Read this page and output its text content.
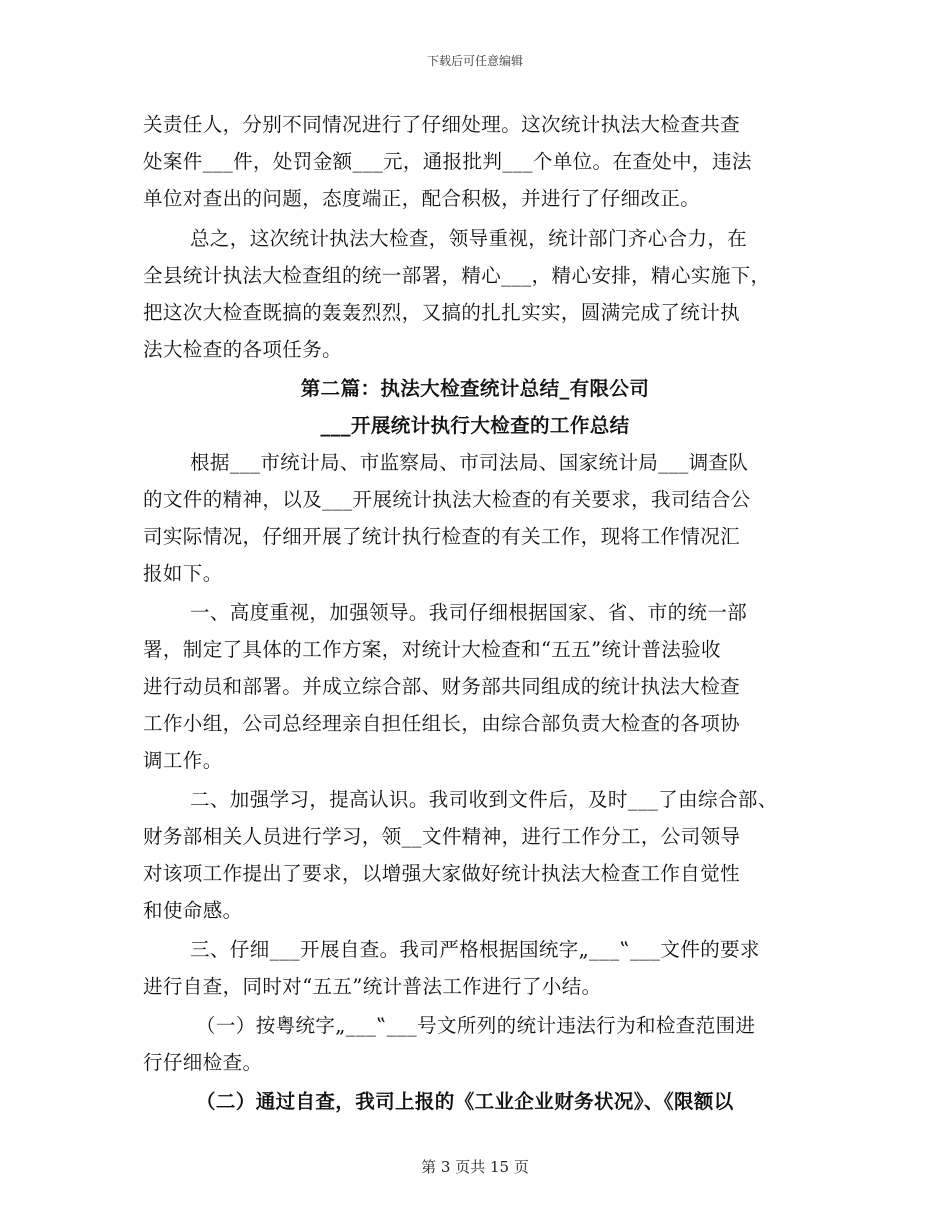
下载后可任意编辑
关责任人，分别不同情况进行了仔细处理。这次统计执法大检查共查
处案件___件，处罚金额___元，通报批判___个单位。在查处中，违法
单位对查出的问题，态度端正，配合积极，并进行了仔细改正。
总之，这次统计执法大检查，领导重视，统计部门齐心合力，在
全县统计执法大检查组的统一部署，精心___，精心安排，精心实施下，
把这次大检查既搞的轰轰烈烈，又搞的扎扎实实，圆满完成了统计执
法大检查的各项任务。
第二篇：执法大检查统计总结_有限公司
___开展统计执行大检查的工作总结
根据___市统计局、市监察局、市司法局、国家统计局___调查队
的文件的精神，以及___开展统计执法大检查的有关要求，我司结合公
司实际情况，仔细开展了统计执行检查的有关工作，现将工作情况汇
报如下。
一、高度重视，加强领导。我司仔细根据国家、省、市的统一部
署，制定了具体的工作方案，对统计大检查和“五五”统计普法验收
进行动员和部署。并成立综合部、财务部共同组成的统计执法大检查
工作小组，公司总经理亲自担任组长，由综合部负责大检查的各项协
调工作。
二、加强学习，提高认识。我司收到文件后，及时___了由综合部、
财务部相关人员进行学习，领__文件精神，进行工作分工，公司领导
对该项工作提出了要求，以增强大家做好统计执法大检查工作自觉性
和使命感。
三、仔细___开展自查。我司严格根据国统字„___‟___文件的要求
进行自查，同时对“五五”统计普法工作进行了小结。
（一）按粤统字„___‟___号文所列的统计违法行为和检查范围进
行仔细检查。
（二）通过自查，我司上报的《工业企业财务状况》、《限额以
第 3 页共 15 页
